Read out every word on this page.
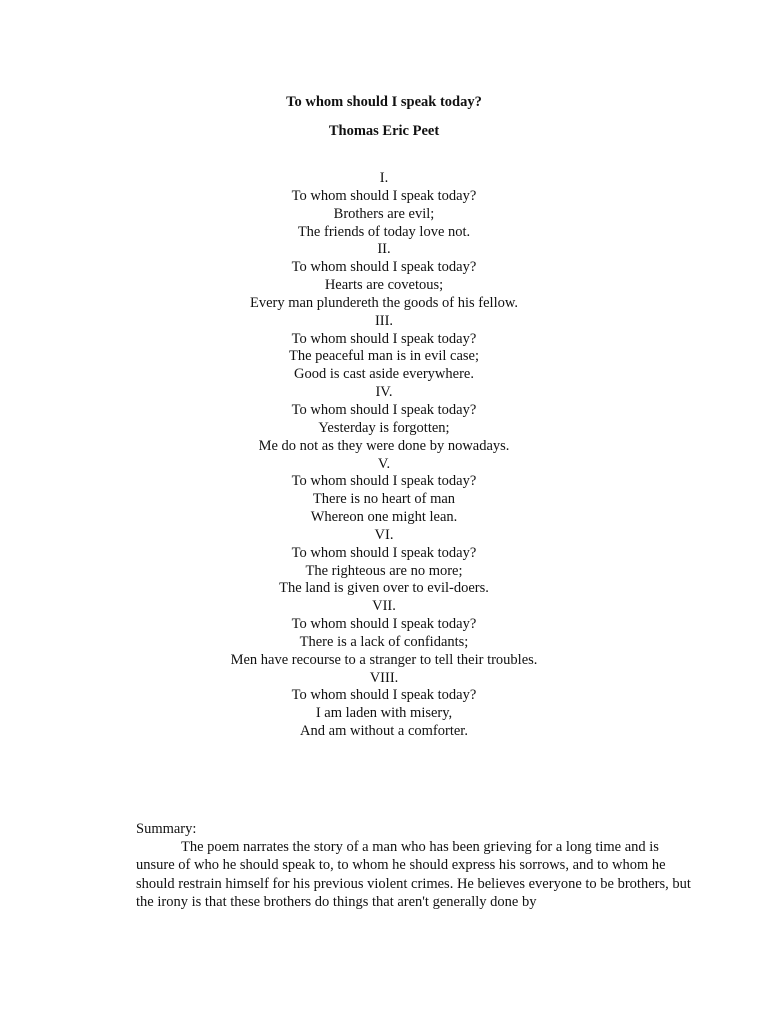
To whom should I speak today?
Thomas Eric Peet
I.
To whom should I speak today?
Brothers are evil;
The friends of today love not.
II.
To whom should I speak today?
Hearts are covetous;
Every man plundereth the goods of his fellow.
III.
To whom should I speak today?
The peaceful man is in evil case;
Good is cast aside everywhere.
IV.
To whom should I speak today?
Yesterday is forgotten;
Me do not as they were done by nowadays.
V.
To whom should I speak today?
There is no heart of man
Whereon one might lean.
VI.
To whom should I speak today?
The righteous are no more;
The land is given over to evil-doers.
VII.
To whom should I speak today?
There is a lack of confidants;
Men have recourse to a stranger to tell their troubles.
VIII.
To whom should I speak today?
I am laden with misery,
And am without a comforter.
Summary:
The poem narrates the story of a man who has been grieving for a long time and is unsure of who he should speak to, to whom he should express his sorrows, and to whom he should restrain himself for his previous violent crimes. He believes everyone to be brothers, but the irony is that these brothers do things that aren't generally done by
